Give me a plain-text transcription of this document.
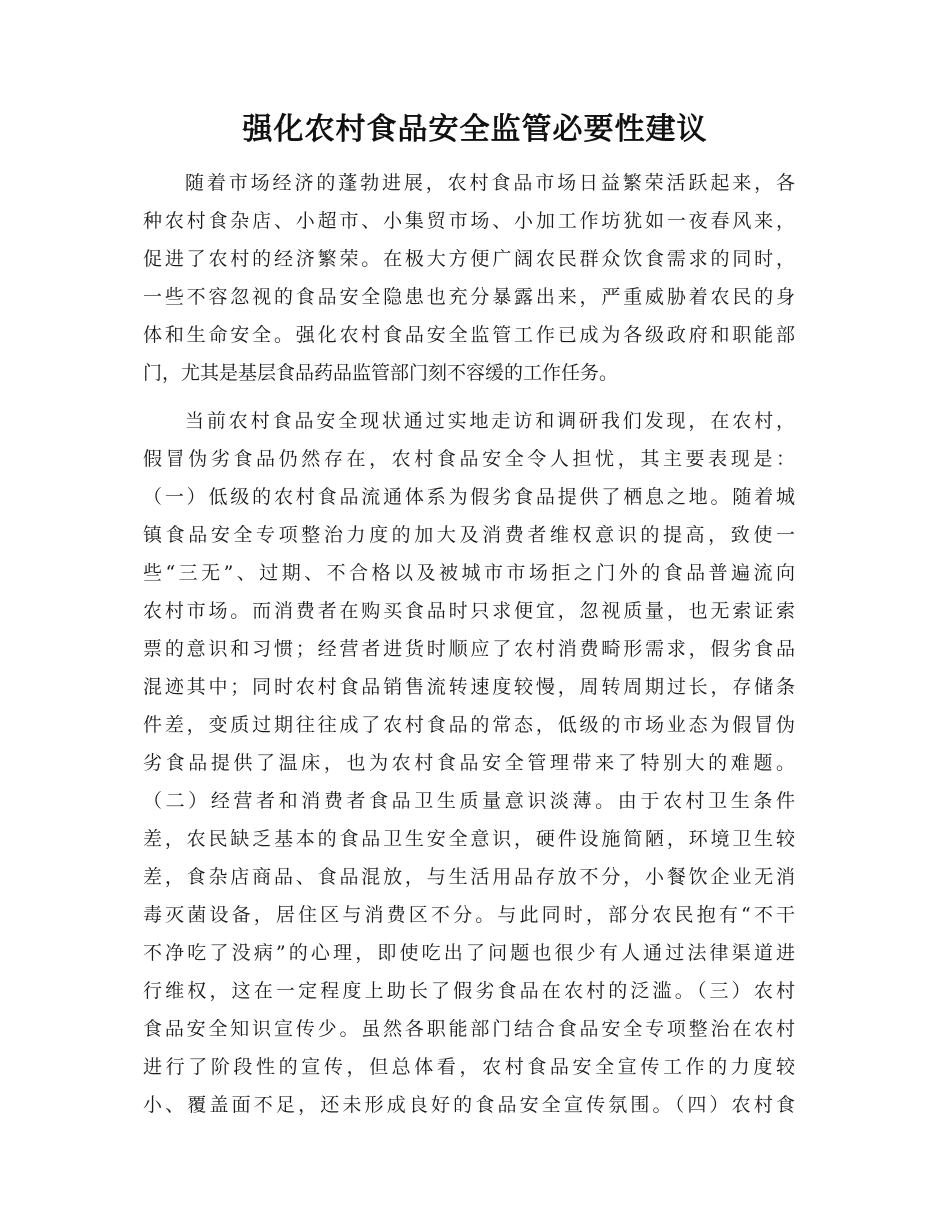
强化农村食品安全监管必要性建议
随着市场经济的蓬勃进展，农村食品市场日益繁荣活跃起来，各
种农村食杂店、小超市、小集贸市场、小加工作坊犹如一夜春风来，
促进了农村的经济繁荣。在极大方便广阔农民群众饮食需求的同时，
一些不容忽视的食品安全隐患也充分暴露出来，严重威胁着农民的身
体和生命安全。强化农村食品安全监管工作已成为各级政府和职能部
门，尤其是基层食品药品监管部门刻不容缓的工作任务。
当前农村食品安全现状通过实地走访和调研我们发现，在农村，
假冒伪劣食品仍然存在，农村食品安全令人担忧，其主要表现是：
（一）低级的农村食品流通体系为假劣食品提供了栖息之地。随着城
镇食品安全专项整治力度的加大及消费者维权意识的提高，致使一
些“三无”、过期、不合格以及被城市市场拒之门外的食品普遍流向
农村市场。而消费者在购买食品时只求便宜，忽视质量，也无索证索
票的意识和习惯；经营者进货时顺应了农村消费畸形需求，假劣食品
混迹其中；同时农村食品销售流转速度较慢，周转周期过长，存储条
件差，变质过期往往成了农村食品的常态，低级的市场业态为假冒伪
劣食品提供了温床，也为农村食品安全管理带来了特别大的难题。
（二）经营者和消费者食品卫生质量意识淡薄。由于农村卫生条件
差，农民缺乏基本的食品卫生安全意识，硬件设施简陋，环境卫生较
差，食杂店商品、食品混放，与生活用品存放不分，小餐饮企业无消
毒灭菌设备，居住区与消费区不分。与此同时，部分农民抱有“不干
不净吃了没病”的心理，即使吃出了问题也很少有人通过法律渠道进
行维权，这在一定程度上助长了假劣食品在农村的泛滥。（三）农村
食品安全知识宣传少。虽然各职能部门结合食品安全专项整治在农村
进行了阶段性的宣传，但总体看，农村食品安全宣传工作的力度较
小、覆盖面不足，还未形成良好的食品安全宣传氛围。（四）农村食
